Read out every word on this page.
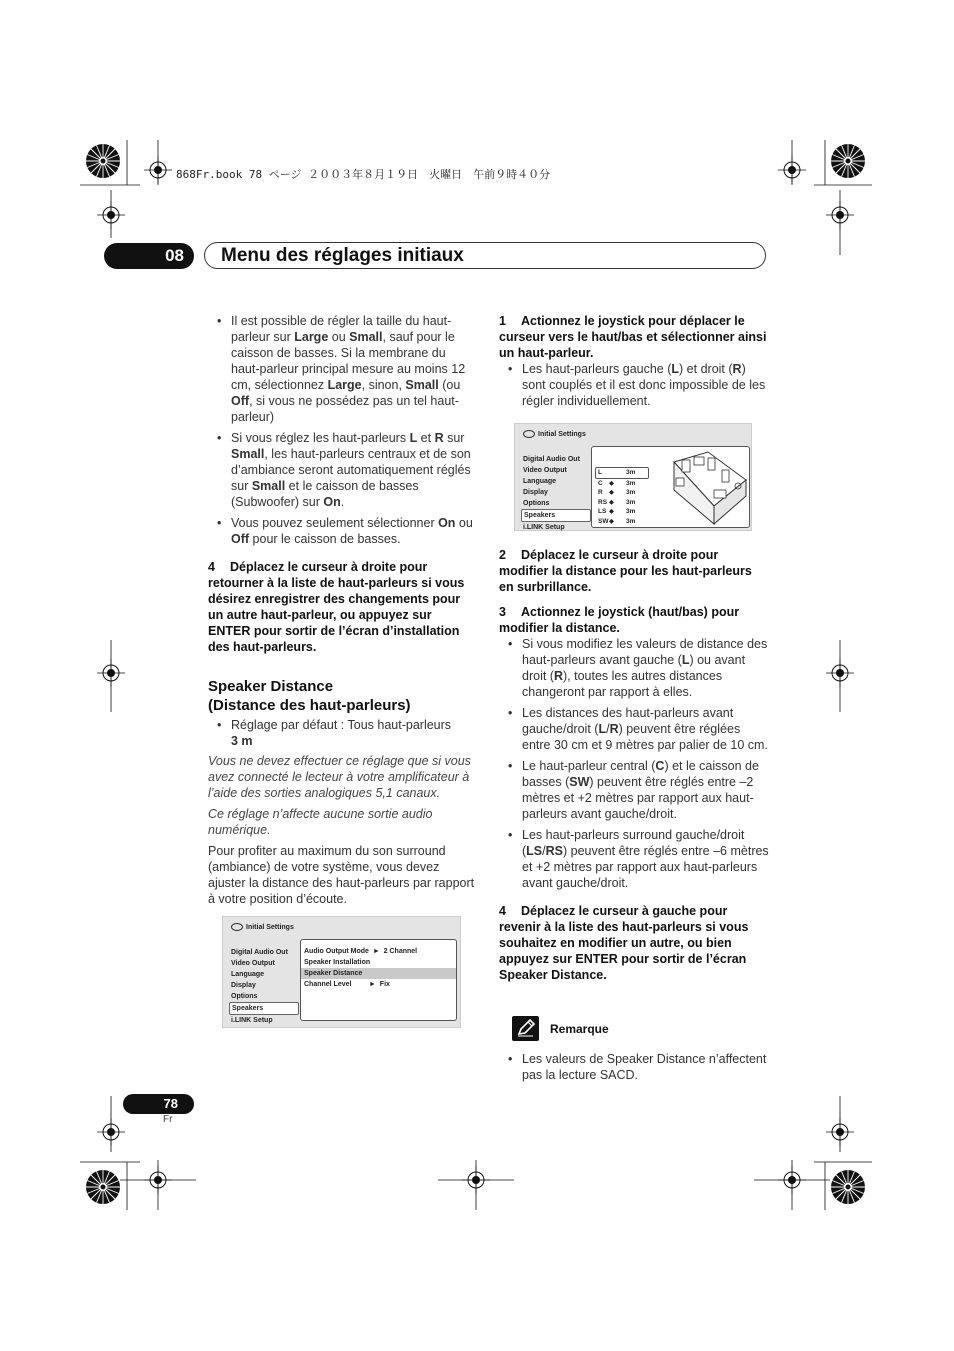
868Fr.book 78 ページ ２００３年８月１９日　火曜日　午前９時４０分
08	Menu des réglages initiaux
• Il est possible de régler la taille du haut-parleur sur Large ou Small, sauf pour le caisson de basses. Si la membrane du haut-parleur principal mesure au moins 12 cm, sélectionnez Large, sinon, Small (ou Off, si vous ne possédez pas un tel haut-parleur)
• Si vous réglez les haut-parleurs L et R sur Small, les haut-parleurs centraux et de son d’ambiance seront automatiquement réglés sur Small et le caisson de basses (Subwoofer) sur On.
• Vous pouvez seulement sélectionner On ou Off pour le caisson de basses.

4 Déplacez le curseur à droite pour retourner à la liste de haut-parleurs si vous désirez enregistrer des changements pour un autre haut-parleur, ou appuyez sur ENTER pour sortir de l’écran d’installation des haut-parleurs.

Speaker Distance
(Distance des haut-parleurs)
• Réglage par défaut : Tous haut-parleurs
3 m

Vous ne devez effectuer ce réglage que si vous avez connecté le lecteur à votre amplificateur à l’aide des sorties analogiques 5,1 canaux.

Ce réglage n’affecte aucune sortie audio numérique.

Pour profiter au maximum du son surround (ambiance) de votre système, vous devez ajuster la distance des haut-parleurs par rapport à votre position d’écoute.

Initial Settings
Digital Audio Out
Video Output
Language
Display
Options
Speakers
i.LINK Setup
Audio Output Mode  ►  2 Channel
Speaker Installation
Speaker Distance
Channel Level         ►  Fix

1 Actionnez le joystick pour déplacer le curseur vers le haut/bas et sélectionner ainsi un haut-parleur.

• Les haut-parleurs gauche (L) et droit (R) sont couplés et il est donc impossible de les régler individuellement.
Initial Settings
Digital Audio Out
Video Output
Language
Display
Options
Speakers
i.LINK Setup
L	3m
C ◆ 3m
R ◆ 3m
RS ◆ 3m
LS ◆ 3m
SW ◆ 3m

2 Déplacez le curseur à droite pour modifier la distance pour les haut-parleurs en surbrillance.

3 Actionnez le joystick (haut/bas) pour modifier la distance.

• Si vous modifiez les valeurs de distance des haut-parleurs avant gauche (L) ou avant droit (R), toutes les autres distances changeront par rapport à elles.
• Les distances des haut-parleurs avant gauche/droit (L/R) peuvent être réglées entre 30 cm et 9 mètres par palier de 10 cm.
• Le haut-parleur central (C) et le caisson de basses (SW) peuvent être réglés entre –2 mètres et +2 mètres par rapport aux haut-parleurs avant gauche/droit.
• Les haut-parleurs surround gauche/droit (LS/RS) peuvent être réglés entre –6 mètres et +2 mètres par rapport aux haut-parleurs avant gauche/droit.

4 Déplacez le curseur à gauche pour revenir à la liste des haut-parleurs si vous souhaitez en modifier un autre, ou bien appuyez sur ENTER pour sortir de l’écran Speaker Distance.

Remarque
• Les valeurs de Speaker Distance n’affectent pas la lecture SACD.
78
Fr
